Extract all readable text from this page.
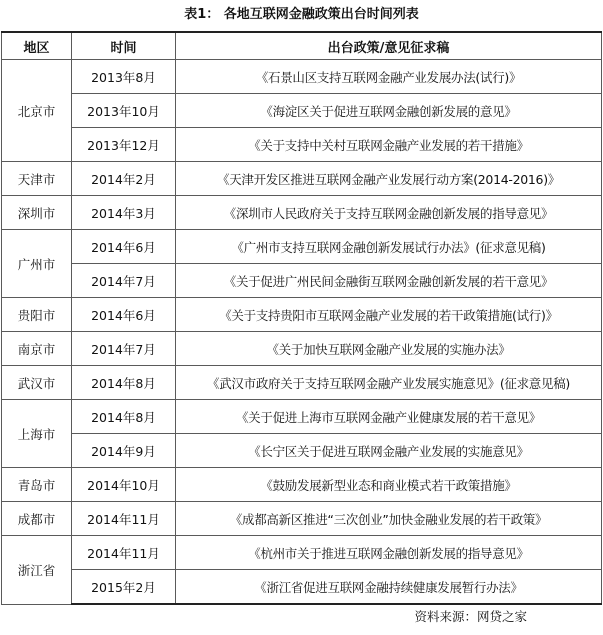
表1： 各地互联网金融政策出台时间列表
地区	时间	出台政策/意见征求稿
北京市	2013年8月	《石景山区支持互联网金融产业发展办法(试行)》
	2013年10月	《海淀区关于促进互联网金融创新发展的意见》
	2013年12月	《关于支持中关村互联网金融产业发展的若干措施》
天津市	2014年2月	《天津开发区推进互联网金融产业发展行动方案(2014-2016)》
深圳市	2014年3月	《深圳市人民政府关于支持互联网金融创新发展的指导意见》
广州市	2014年6月	《广州市支持互联网金融创新发展试行办法》(征求意见稿)
	2014年7月	《关于促进广州民间金融街互联网金融创新发展的若干意见》
贵阳市	2014年6月	《关于支持贵阳市互联网金融产业发展的若干政策措施(试行)》
南京市	2014年7月	《关于加快互联网金融产业发展的实施办法》
武汉市	2014年8月	《武汉市政府关于支持互联网金融产业发展实施意见》(征求意见稿)
上海市	2014年8月	《关于促进上海市互联网金融产业健康发展的若干意见》
	2014年9月	《长宁区关于促进互联网金融产业发展的实施意见》
青岛市	2014年10月	《鼓励发展新型业态和商业模式若干政策措施》
成都市	2014年11月	《成都高新区推进“三次创业”加快金融业发展的若干政策》
浙江省	2014年11月	《杭州市关于推进互联网金融创新发展的指导意见》
	2015年2月	《浙江省促进互联网金融持续健康发展暂行办法》
资料来源：网贷之家
